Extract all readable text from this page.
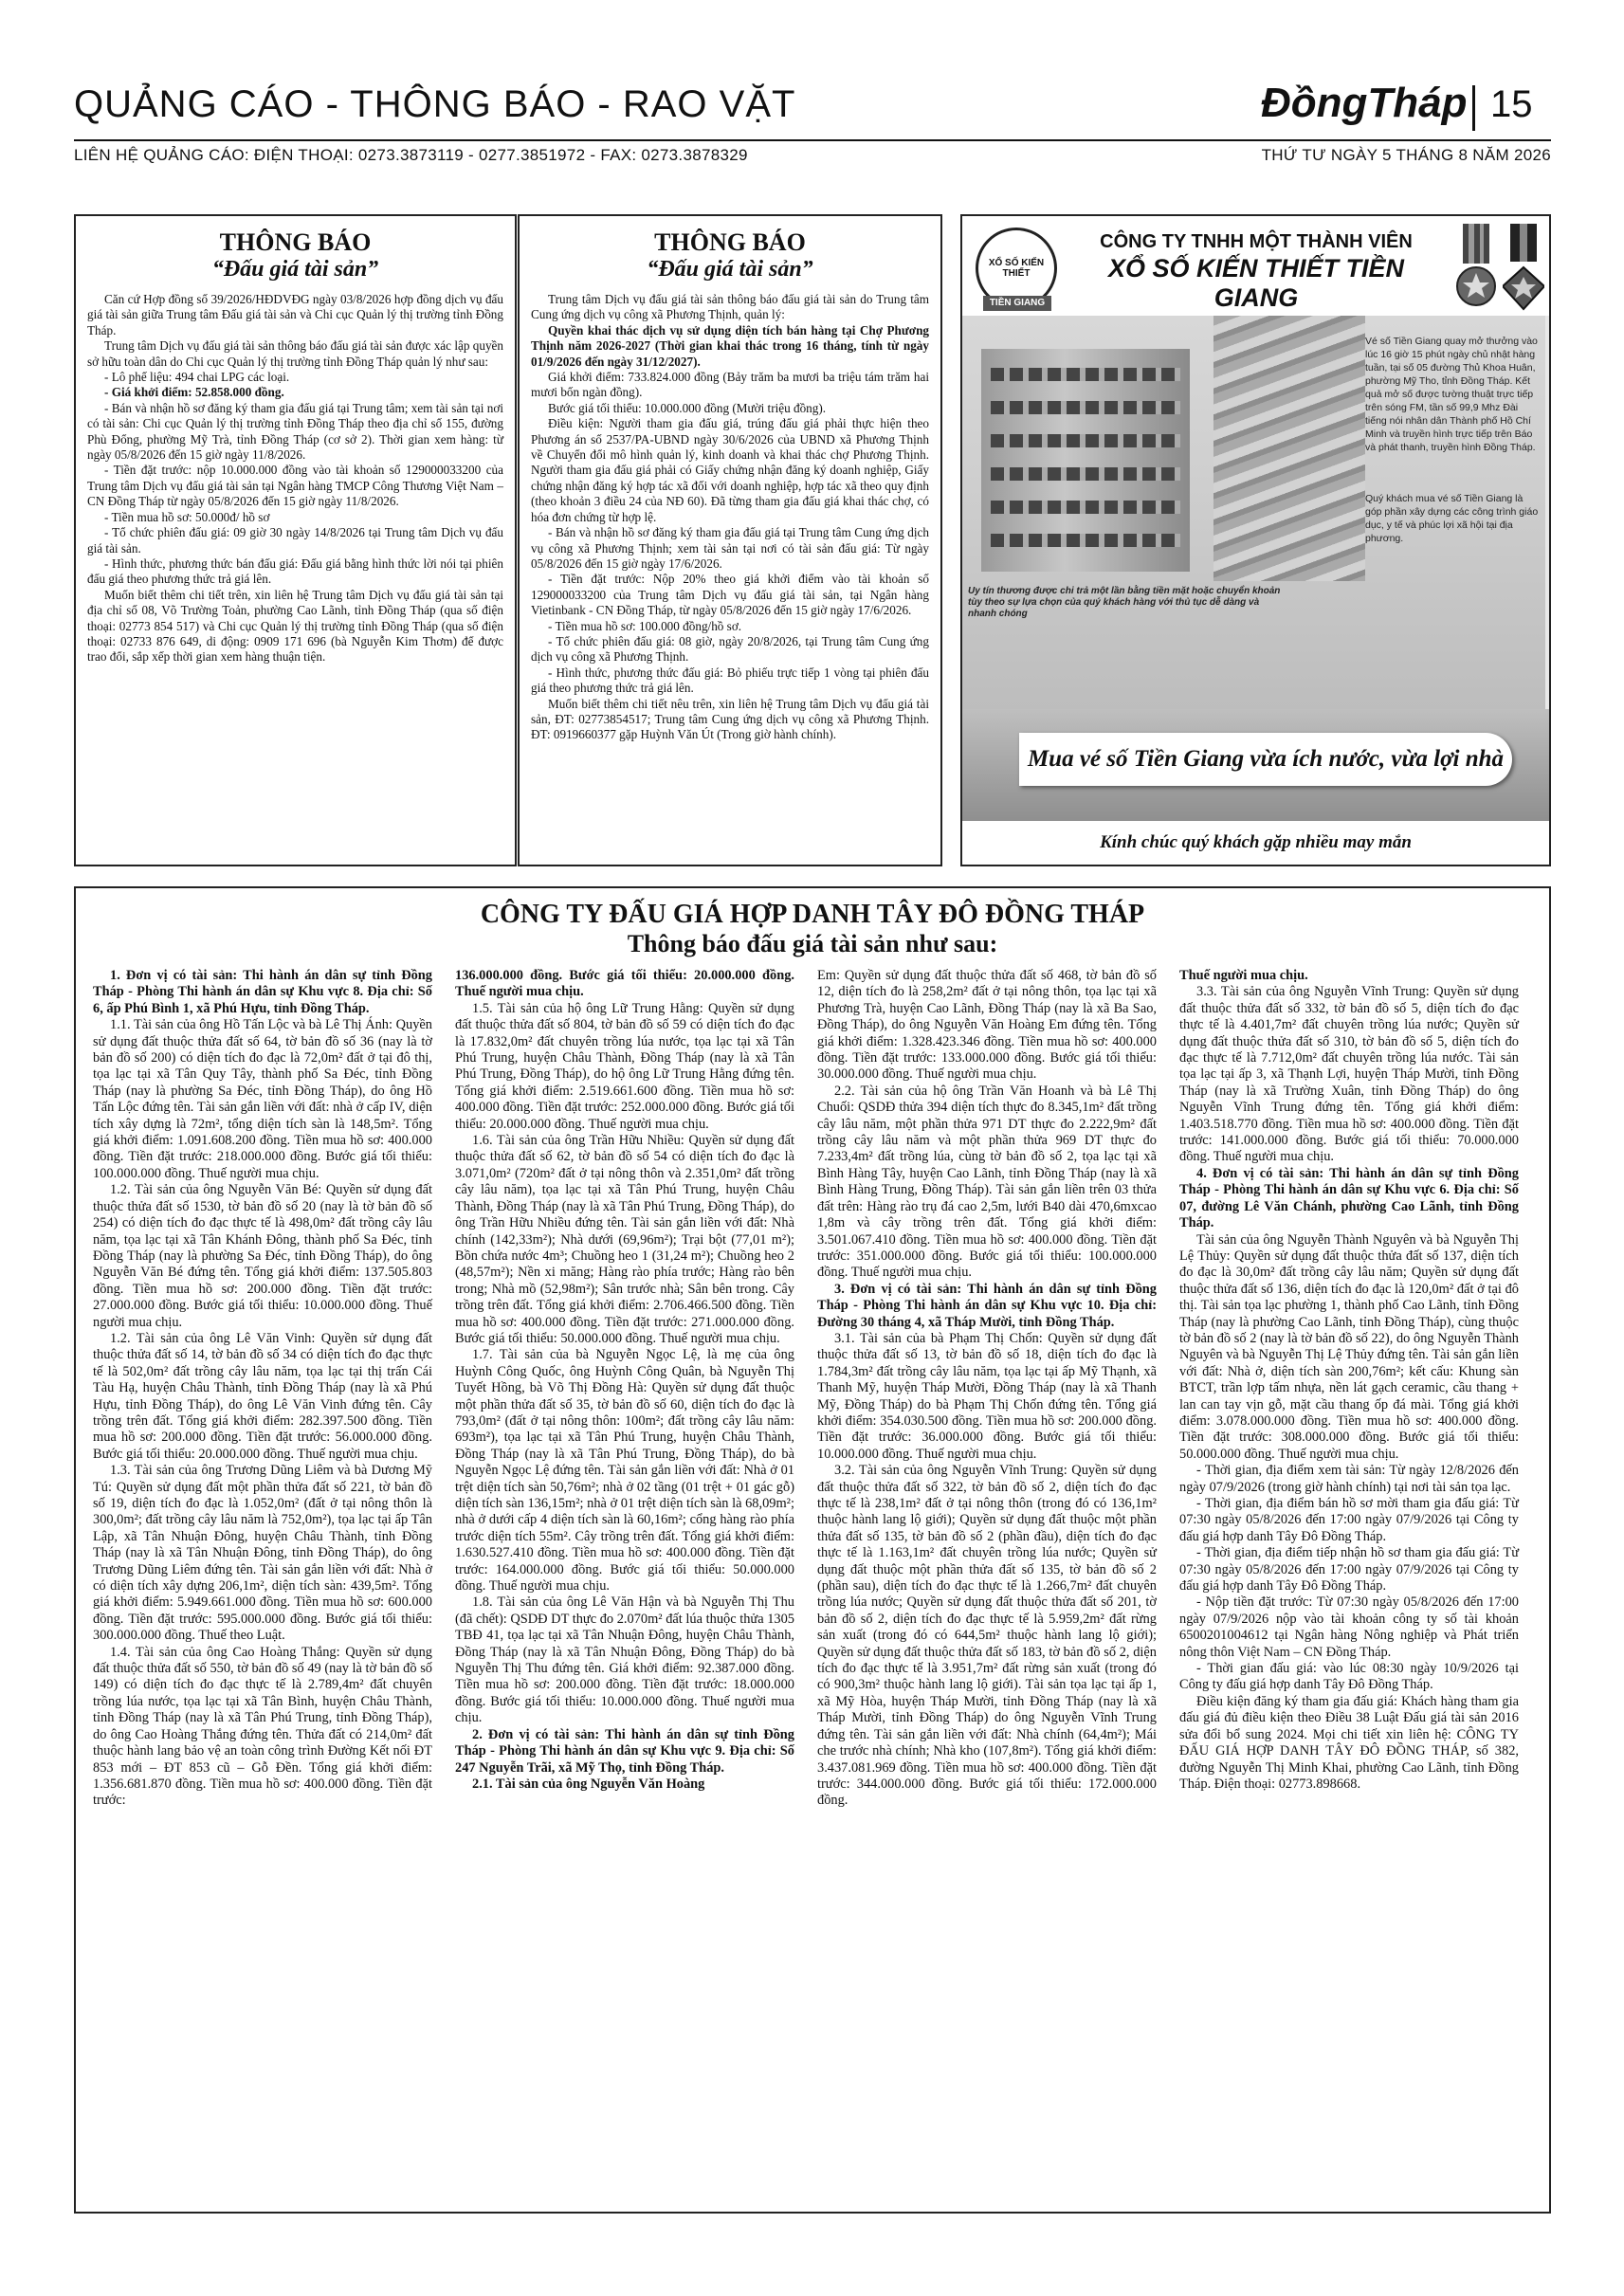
QUẢNG CÁO - THÔNG BÁO - RAO VẶT	ĐồngTháp 15
LIÊN HỆ QUẢNG CÁO: ĐIỆN THOẠI: 0273.3873119 - 0277.3851972 - FAX: 0273.3878329	THỨ TƯ NGÀY 5 THÁNG 8 NĂM 2026
THÔNG BÁO
“Đấu giá tài sản”

Căn cứ Hợp đồng số 39/2026/HĐDVĐG ngày 03/8/2026 hợp đồng dịch vụ đấu giá tài sản giữa Trung tâm Đấu giá tài sản và Chi cục Quản lý thị trường tỉnh Đồng Tháp.

Trung tâm Dịch vụ đấu giá tài sản thông báo đấu giá tài sản được xác lập quyền sở hữu toàn dân do Chi cục Quản lý thị trường tỉnh Đồng Tháp quản lý như sau:

- Lô phế liệu: 494 chai LPG các loại.

- Giá khởi điểm: 52.858.000 đồng.

- Bán và nhận hồ sơ đăng ký tham gia đấu giá tại Trung tâm; xem tài sản tại nơi có tài sản: Chi cục Quản lý thị trường tỉnh Đồng Tháp theo địa chỉ số 155, đường Phù Đổng, phường Mỹ Trà, tỉnh Đồng Tháp (cơ sở 2). Thời gian xem hàng: từ ngày 05/8/2026 đến 15 giờ ngày 11/8/2026.

- Tiền đặt trước: nộp 10.000.000 đồng vào tài khoản số 129000033200 của Trung tâm Dịch vụ đấu giá tài sản tại Ngân hàng TMCP Công Thương Việt Nam – CN Đồng Tháp từ ngày 05/8/2026 đến 15 giờ ngày 11/8/2026.

- Tiền mua hồ sơ: 50.000đ/ hồ sơ

- Tổ chức phiên đấu giá: 09 giờ 30 ngày 14/8/2026 tại Trung tâm Dịch vụ đấu giá tài sản.

- Hình thức, phương thức bán đấu giá: Đấu giá bằng hình thức lời nói tại phiên đấu giá theo phương thức trả giá lên.

Muốn biết thêm chi tiết trên, xin liên hệ Trung tâm Dịch vụ đấu giá tài sản tại địa chỉ số 08, Võ Trường Toản, phường Cao Lãnh, tỉnh Đồng Tháp (qua số điện thoại: 02773 854 517) và Chi cục Quản lý thị trường tỉnh Đồng Tháp (qua số điện thoại: 02733 876 649, di động: 0909 171 696 (bà Nguyễn Kim Thơm) để được trao đổi, sắp xếp thời gian xem hàng thuận tiện.

THÔNG BÁO
“Đấu giá tài sản”

Trung tâm Dịch vụ đấu giá tài sản thông báo đấu giá tài sản do Trung tâm Cung ứng dịch vụ công xã Phương Thịnh, quản lý:

Quyền khai thác dịch vụ sử dụng diện tích bán hàng tại Chợ Phương Thịnh năm 2026-2027 (Thời gian khai thác trong 16 tháng, tính từ ngày 01/9/2026 đến ngày 31/12/2027).

Giá khởi điểm: 733.824.000 đồng (Bảy trăm ba mươi ba triệu tám trăm hai mươi bốn ngàn đồng).

Bước giá tối thiểu: 10.000.000 đồng (Mười triệu đồng).

Điều kiện: Người tham gia đấu giá, trúng đấu giá phải thực hiện theo Phương án số 2537/PA-UBND ngày 30/6/2026 của UBND xã Phương Thịnh về Chuyển đổi mô hình quản lý, kinh doanh và khai thác chợ Phương Thịnh. Người tham gia đấu giá phải có Giấy chứng nhận đăng ký doanh nghiệp, Giấy chứng nhận đăng ký hợp tác xã đối với doanh nghiệp, hợp tác xã theo quy định (theo khoản 3 điều 24 của NĐ 60). Đã từng tham gia đấu giá khai thác chợ, có hóa đơn chứng từ hợp lệ.

- Bán và nhận hồ sơ đăng ký tham gia đấu giá tại Trung tâm Cung ứng dịch vụ công xã Phương Thịnh; xem tài sản tại nơi có tài sản đấu giá: Từ ngày 05/8/2026 đến 15 giờ ngày 17/6/2026.

- Tiền đặt trước: Nộp 20% theo giá khởi điểm vào tài khoản số 129000033200 của Trung tâm Dịch vụ đấu giá tài sản, tại Ngân hàng Vietinbank - CN Đồng Tháp, từ ngày 05/8/2026 đến 15 giờ ngày 17/6/2026.

- Tiền mua hồ sơ: 100.000 đồng/hồ sơ.

- Tổ chức phiên đấu giá: 08 giờ, ngày 20/8/2026, tại Trung tâm Cung ứng dịch vụ công xã Phương Thịnh.

- Hình thức, phương thức đấu giá: Bỏ phiếu trực tiếp 1 vòng tại phiên đấu giá theo phương thức trả giá lên.

Muốn biết thêm chi tiết nêu trên, xin liên hệ Trung tâm Dịch vụ đấu giá tài sản, ĐT: 02773854517; Trung tâm Cung ứng dịch vụ công xã Phương Thịnh. ĐT: 0919660377 gặp Huỳnh Văn Út (Trong giờ hành chính).

XỔ SỐ KIẾN THIẾT
TIỀN GIANG
CÔNG TY TNHH MỘT THÀNH VIÊN
XỔ SỐ KIẾN THIẾT TIỀN GIANG
Vé số Tiền Giang quay mở thưởng vào lúc 16 giờ 15 phút ngày chủ nhật hàng tuần, tại số 05 đường Thủ Khoa Huân, phường Mỹ Tho, tỉnh Đồng Tháp. Kết quả mở số được tường thuật trực tiếp trên sóng FM, tần số 99,9 Mhz Đài tiếng nói nhân dân Thành phố Hồ Chí Minh và truyền hình trực tiếp trên Báo và phát thanh, truyền hình Đồng Tháp.
Quý khách mua vé số Tiền Giang là góp phần xây dựng các công trình giáo dục, y tế và phúc lợi xã hội tại địa phương.
Uy tín thương được chi trả một lần bằng tiền mặt hoặc chuyển khoản tùy theo sự lựa chọn của quý khách hàng với thủ tục dễ dàng và nhanh chóng
Mua vé số Tiền Giang vừa ích nước, vừa lợi nhà
Kính chúc quý khách gặp nhiều may mắn
CÔNG TY ĐẤU GIÁ HỢP DANH TÂY ĐÔ ĐỒNG THÁP
Thông báo đấu giá tài sản như sau:

1. Đơn vị có tài sản: Thi hành án dân sự tỉnh Đồng Tháp - Phòng Thi hành án dân sự Khu vực 8. Địa chỉ: Số 6, ấp Phú Bình 1, xã Phú Hựu, tỉnh Đồng Tháp.

1.1. Tài sản của ông Hồ Tấn Lộc và bà Lê Thị Ánh: Quyền sử dụng đất thuộc thửa đất số 64, tờ bản đồ số 36 (nay là tờ bản đồ số 200) có diện tích đo đạc là 72,0m² đất ở tại đô thị, tọa lạc tại xã Tân Quy Tây, thành phố Sa Đéc, tỉnh Đồng Tháp (nay là phường Sa Đéc, tỉnh Đồng Tháp), do ông Hồ Tấn Lộc đứng tên. Tài sản gắn liền với đất: nhà ở cấp IV, diện tích xây dựng là 72m², tổng diện tích sàn là 148,5m². Tổng giá khởi điểm: 1.091.608.200 đồng. Tiền mua hồ sơ: 400.000 đồng. Tiền đặt trước: 218.000.000 đồng. Bước giá tối thiểu: 100.000.000 đồng. Thuế người mua chịu.

1.2. Tài sản của ông Nguyễn Văn Bé: Quyền sử dụng đất thuộc thửa đất số 1530, tờ bản đồ số 20 (nay là tờ bản đồ số 254) có diện tích đo đạc thực tế là 498,0m² đất trồng cây lâu năm, tọa lạc tại xã Tân Khánh Đông, thành phố Sa Đéc, tỉnh Đồng Tháp (nay là phường Sa Đéc, tỉnh Đồng Tháp), do ông Nguyễn Văn Bé đứng tên. Tổng giá khởi điểm: 137.505.803 đồng. Tiền mua hồ sơ: 200.000 đồng. Tiền đặt trước: 27.000.000 đồng. Bước giá tối thiểu: 10.000.000 đồng. Thuế người mua chịu.

1.2. Tài sản của ông Lê Văn Vinh: Quyền sử dụng đất thuộc thửa đất số 14, tờ bản đồ số 34 có diện tích đo đạc thực tế là 502,0m² đất trồng cây lâu năm, tọa lạc tại thị trấn Cái Tàu Hạ, huyện Châu Thành, tỉnh Đồng Tháp (nay là xã Phú Hựu, tỉnh Đồng Tháp), do ông Lê Văn Vinh đứng tên. Cây trồng trên đất. Tổng giá khởi điểm: 282.397.500 đồng. Tiền mua hồ sơ: 200.000 đồng. Tiền đặt trước: 56.000.000 đồng. Bước giá tối thiểu: 20.000.000 đồng. Thuế người mua chịu.

1.3. Tài sản của ông Trương Dũng Liêm và bà Dương Mỹ Tú: Quyền sử dụng đất một phần thửa đất số 221, tờ bản đồ số 19, diện tích đo đạc là 1.052,0m² (đất ở tại nông thôn là 300,0m²; đất trồng cây lâu năm là 752,0m²), tọa lạc tại ấp Tân Lập, xã Tân Nhuận Đông, huyện Châu Thành, tỉnh Đồng Tháp (nay là xã Tân Nhuận Đông, tỉnh Đồng Tháp), do ông Trương Dũng Liêm đứng tên. Tài sản gắn liền với đất: Nhà ở có diện tích xây dựng 206,1m², diện tích sàn: 439,5m². Tổng giá khởi điểm: 5.949.661.000 đồng. Tiền mua hồ sơ: 600.000 đồng. Tiền đặt trước: 595.000.000 đồng. Bước giá tối thiểu: 300.000.000 đồng. Thuế theo Luật.

1.4. Tài sản của ông Cao Hoàng Thắng: Quyền sử dụng đất thuộc thửa đất số 550, tờ bản đồ số 49 (nay là tờ bản đồ số 149) có diện tích đo đạc thực tế là 2.789,4m² đất chuyên trồng lúa nước, tọa lạc tại xã Tân Bình, huyện Châu Thành, tỉnh Đồng Tháp (nay là xã Tân Phú Trung, tỉnh Đồng Tháp), do ông Cao Hoàng Thắng đứng tên. Thửa đất có 214,0m² đất thuộc hành lang bảo vệ an toàn công trình Đường Kết nối ĐT 853 mới – ĐT 853 cũ – Gỗ Đền. Tổng giá khởi điểm: 1.356.681.870 đồng. Tiền mua hồ sơ: 400.000 đồng. Tiền đặt trước:

136.000.000 đồng. Bước giá tối thiểu: 20.000.000 đồng. Thuế người mua chịu.

1.5. Tài sản của hộ ông Lữ Trung Hằng: Quyền sử dụng đất thuộc thửa đất số 804, tờ bản đồ số 59 có diện tích đo đạc là 17.832,0m² đất chuyên trồng lúa nước, tọa lạc tại xã Tân Phú Trung, huyện Châu Thành, Đồng Tháp (nay là xã Tân Phú Trung, Đồng Tháp), do hộ ông Lữ Trung Hằng đứng tên. Tổng giá khởi điểm: 2.519.661.600 đồng. Tiền mua hồ sơ: 400.000 đồng. Tiền đặt trước: 252.000.000 đồng. Bước giá tối thiểu: 20.000.000 đồng. Thuế người mua chịu.

1.6. Tài sản của ông Trần Hữu Nhiều: Quyền sử dụng đất thuộc thửa đất số 62, tờ bản đồ số 54 có diện tích đo đạc là 3.071,0m² (720m² đất ở tại nông thôn và 2.351,0m² đất trồng cây lâu năm), tọa lạc tại xã Tân Phú Trung, huyện Châu Thành, Đồng Tháp (nay là xã Tân Phú Trung, Đồng Tháp), do ông Trần Hữu Nhiều đứng tên. Tài sản gắn liền với đất: Nhà chính (142,33m²); Nhà dưới (69,96m²); Trại bột (77,01 m²); Bồn chứa nước 4m³; Chuồng heo 1 (31,24 m²); Chuồng heo 2 (48,57m²); Nền xi măng; Hàng rào phía trước; Hàng rào bên trong; Nhà mồ (52,98m²); Sân trước nhà; Sân bên trong. Cây trồng trên đất. Tổng giá khởi điểm: 2.706.466.500 đồng. Tiền mua hồ sơ: 400.000 đồng. Tiền đặt trước: 271.000.000 đồng. Bước giá tối thiểu: 50.000.000 đồng. Thuế người mua chịu.

1.7. Tài sản của bà Nguyễn Ngọc Lệ, là mẹ của ông Huỳnh Công Quốc, ông Huỳnh Công Quân, bà Nguyễn Thị Tuyết Hồng, bà Võ Thị Đồng Hà: Quyền sử dụng đất thuộc một phần thửa đất số 35, tờ bản đồ số 60, diện tích đo đạc là 793,0m² (đất ở tại nông thôn: 100m²; đất trồng cây lâu năm: 693m²), tọa lạc tại xã Tân Phú Trung, huyện Châu Thành, Đồng Tháp (nay là xã Tân Phú Trung, Đồng Tháp), do bà Nguyễn Ngọc Lệ đứng tên. Tài sản gắn liền với đất: Nhà ở 01 trệt diện tích sàn 50,76m²; nhà ở 02 tầng (01 trệt + 01 gác gỗ) diện tích sàn 136,15m²; nhà ở 01 trệt diện tích sàn là 68,09m²; nhà ở dưới cấp 4 diện tích sàn là 60,16m²; cổng hàng rào phía trước diện tích 55m². Cây trồng trên đất. Tổng giá khởi điểm: 1.630.527.410 đồng. Tiền mua hồ sơ: 400.000 đồng. Tiền đặt trước: 164.000.000 đồng. Bước giá tối thiểu: 50.000.000 đồng. Thuế người mua chịu.

1.8. Tài sản của ông Lê Văn Hận và bà Nguyễn Thị Thu (đã chết): QSDĐ DT thực đo 2.070m² đất lúa thuộc thửa 1305 TBĐ 41, tọa lạc tại xã Tân Nhuận Đông, huyện Châu Thành, Đồng Tháp (nay là xã Tân Nhuận Đông, Đồng Tháp) do bà Nguyễn Thị Thu đứng tên. Giá khởi điểm: 92.387.000 đồng. Tiền mua hồ sơ: 200.000 đồng. Tiền đặt trước: 18.000.000 đồng. Bước giá tối thiểu: 10.000.000 đồng. Thuế người mua chịu.

2. Đơn vị có tài sản: Thi hành án dân sự tỉnh Đồng Tháp - Phòng Thi hành án dân sự Khu vực 9. Địa chỉ: Số 247 Nguyễn Trãi, xã Mỹ Thọ, tỉnh Đồng Tháp.

2.1. Tài sản của ông Nguyễn Văn Hoàng

Em: Quyền sử dụng đất thuộc thửa đất số 468, tờ bản đồ số 12, diện tích đo là 258,2m² đất ở tại nông thôn, tọa lạc tại xã Phương Trà, huyện Cao Lãnh, Đồng Tháp (nay là xã Ba Sao, Đồng Tháp), do ông Nguyễn Văn Hoàng Em đứng tên. Tổng giá khởi điểm: 1.328.423.346 đồng. Tiền mua hồ sơ: 400.000 đồng. Tiền đặt trước: 133.000.000 đồng. Bước giá tối thiểu: 30.000.000 đồng. Thuế người mua chịu.

2.2. Tài sản của hộ ông Trần Văn Hoanh và bà Lê Thị Chuối: QSDĐ thửa 394 diện tích thực đo 8.345,1m² đất trồng cây lâu năm, một phần thửa 971 DT thực đo 2.222,9m² đất trồng cây lâu năm và một phần thửa 969 DT thực đo 7.233,4m² đất trồng lúa, cùng tờ bản đồ số 2, tọa lạc tại xã Bình Hàng Tây, huyện Cao Lãnh, tỉnh Đồng Tháp (nay là xã Bình Hàng Trung, Đồng Tháp). Tài sản gắn liền trên 03 thửa đất trên: Hàng rào trụ đá cao 2,5m, lưới B40 dài 470,6mxcao 1,8m và cây trồng trên đất. Tổng giá khởi điểm: 3.501.067.410 đồng. Tiền mua hồ sơ: 400.000 đồng. Tiền đặt trước: 351.000.000 đồng. Bước giá tối thiểu: 100.000.000 đồng. Thuế người mua chịu.

3. Đơn vị có tài sản: Thi hành án dân sự tỉnh Đồng Tháp - Phòng Thi hành án dân sự Khu vực 10. Địa chỉ: Đường 30 tháng 4, xã Tháp Mười, tỉnh Đồng Tháp.

3.1. Tài sản của bà Phạm Thị Chốn: Quyền sử dụng đất thuộc thửa đất số 13, tờ bản đồ số 18, diện tích đo đạc là 1.784,3m² đất trồng cây lâu năm, tọa lạc tại ấp Mỹ Thạnh, xã Thanh Mỹ, huyện Tháp Mười, Đồng Tháp (nay là xã Thanh Mỹ, Đồng Tháp) do bà Phạm Thị Chốn đứng tên. Tổng giá khởi điểm: 354.030.500 đồng. Tiền mua hồ sơ: 200.000 đồng. Tiền đặt trước: 36.000.000 đồng. Bước giá tối thiểu: 10.000.000 đồng. Thuế người mua chịu.

3.2. Tài sản của ông Nguyễn Vĩnh Trung: Quyền sử dụng đất thuộc thửa đất số 322, tờ bản đồ số 2, diện tích đo đạc thực tế là 238,1m² đất ở tại nông thôn (trong đó có 136,1m² thuộc hành lang lộ giới); Quyền sử dụng đất thuộc một phần thửa đất số 135, tờ bản đồ số 2 (phần đầu), diện tích đo đạc thực tế là 1.163,1m² đất chuyên trồng lúa nước; Quyền sử dụng đất thuộc một phần thửa đất số 135, tờ bản đồ số 2 (phần sau), diện tích đo đạc thực tế là 1.266,7m² đất chuyên trồng lúa nước; Quyền sử dụng đất thuộc thửa đất số 201, tờ bản đồ số 2, diện tích đo đạc thực tế là 5.959,2m² đất rừng sản xuất (trong đó có 644,5m² thuộc hành lang lộ giới); Quyền sử dụng đất thuộc thửa đất số 183, tờ bản đồ số 2, diện tích đo đạc thực tế là 3.951,7m² đất rừng sản xuất (trong đó có 900,3m² thuộc hành lang lộ giới). Tài sản tọa lạc tại ấp 1, xã Mỹ Hòa, huyện Tháp Mười, tỉnh Đồng Tháp (nay là xã Tháp Mười, tỉnh Đồng Tháp) do ông Nguyễn Vĩnh Trung đứng tên. Tài sản gắn liền với đất: Nhà chính (64,4m²); Mái che trước nhà chính; Nhà kho (107,8m²). Tổng giá khởi điểm: 3.437.081.969 đồng. Tiền mua hồ sơ: 400.000 đồng. Tiền đặt trước: 344.000.000 đồng. Bước giá tối thiểu: 172.000.000 đồng.

Thuế người mua chịu.

3.3. Tài sản của ông Nguyễn Vĩnh Trung: Quyền sử dụng đất thuộc thửa đất số 332, tờ bản đồ số 5, diện tích đo đạc thực tế là 4.401,7m² đất chuyên trồng lúa nước; Quyền sử dụng đất thuộc thửa đất số 310, tờ bản đồ số 5, diện tích đo đạc thực tế là 7.712,0m² đất chuyên trồng lúa nước. Tài sản tọa lạc tại ấp 3, xã Thạnh Lợi, huyện Tháp Mười, tỉnh Đồng Tháp (nay là xã Trường Xuân, tỉnh Đồng Tháp) do ông Nguyễn Vĩnh Trung đứng tên. Tổng giá khởi điểm: 1.403.518.770 đồng. Tiền mua hồ sơ: 400.000 đồng. Tiền đặt trước: 141.000.000 đồng. Bước giá tối thiểu: 70.000.000 đồng. Thuế người mua chịu.

4. Đơn vị có tài sản: Thi hành án dân sự tỉnh Đồng Tháp - Phòng Thi hành án dân sự Khu vực 6. Địa chỉ: Số 07, đường Lê Văn Chánh, phường Cao Lãnh, tỉnh Đồng Tháp.

Tài sản của ông Nguyễn Thành Nguyên và bà Nguyễn Thị Lệ Thủy: Quyền sử dụng đất thuộc thửa đất số 137, diện tích đo đạc là 30,0m² đất trồng cây lâu năm; Quyền sử dụng đất thuộc thửa đất số 136, diện tích đo đạc là 120,0m² đất ở tại đô thị. Tài sản tọa lạc phường 1, thành phố Cao Lãnh, tỉnh Đồng Tháp (nay là phường Cao Lãnh, tỉnh Đồng Tháp), cùng thuộc tờ bản đồ số 2 (nay là tờ bản đồ số 22), do ông Nguyễn Thành Nguyên và bà Nguyễn Thị Lệ Thủy đứng tên. Tài sản gắn liền với đất: Nhà ở, diện tích sàn 200,76m²; kết cấu: Khung sàn BTCT, trần lợp tấm nhựa, nền lát gạch ceramic, cầu thang + lan can tay vịn gỗ, mặt cầu thang ốp đá mài. Tổng giá khởi điểm: 3.078.000.000 đồng. Tiền mua hồ sơ: 400.000 đồng. Tiền đặt trước: 308.000.000 đồng. Bước giá tối thiểu: 50.000.000 đồng. Thuế người mua chịu.

- Thời gian, địa điểm xem tài sản: Từ ngày 12/8/2026 đến ngày 07/9/2026 (trong giờ hành chính) tại nơi tài sản tọa lạc.

- Thời gian, địa điểm bán hồ sơ mời tham gia đấu giá: Từ 07:30 ngày 05/8/2026 đến 17:00 ngày 07/9/2026 tại Công ty đấu giá hợp danh Tây Đô Đồng Tháp.

- Thời gian, địa điểm tiếp nhận hồ sơ tham gia đấu giá: Từ 07:30 ngày 05/8/2026 đến 17:00 ngày 07/9/2026 tại Công ty đấu giá hợp danh Tây Đô Đồng Tháp.

- Nộp tiền đặt trước: Từ 07:30 ngày 05/8/2026 đến 17:00 ngày 07/9/2026 nộp vào tài khoản công ty số tài khoản 6500201004612 tại Ngân hàng Nông nghiệp và Phát triển nông thôn Việt Nam – CN Đồng Tháp.

- Thời gian đấu giá: vào lúc 08:30 ngày 10/9/2026 tại Công ty đấu giá hợp danh Tây Đô Đồng Tháp.

Điều kiện đăng ký tham gia đấu giá: Khách hàng tham gia đấu giá đủ điều kiện theo Điều 38 Luật Đấu giá tài sản 2016 sửa đổi bổ sung 2024. Mọi chi tiết xin liên hệ: CÔNG TY ĐẤU GIÁ HỢP DANH TÂY ĐÔ ĐỒNG THÁP, số 382, đường Nguyễn Thị Minh Khai, phường Cao Lãnh, tỉnh Đồng Tháp. Điện thoại: 02773.898668.
